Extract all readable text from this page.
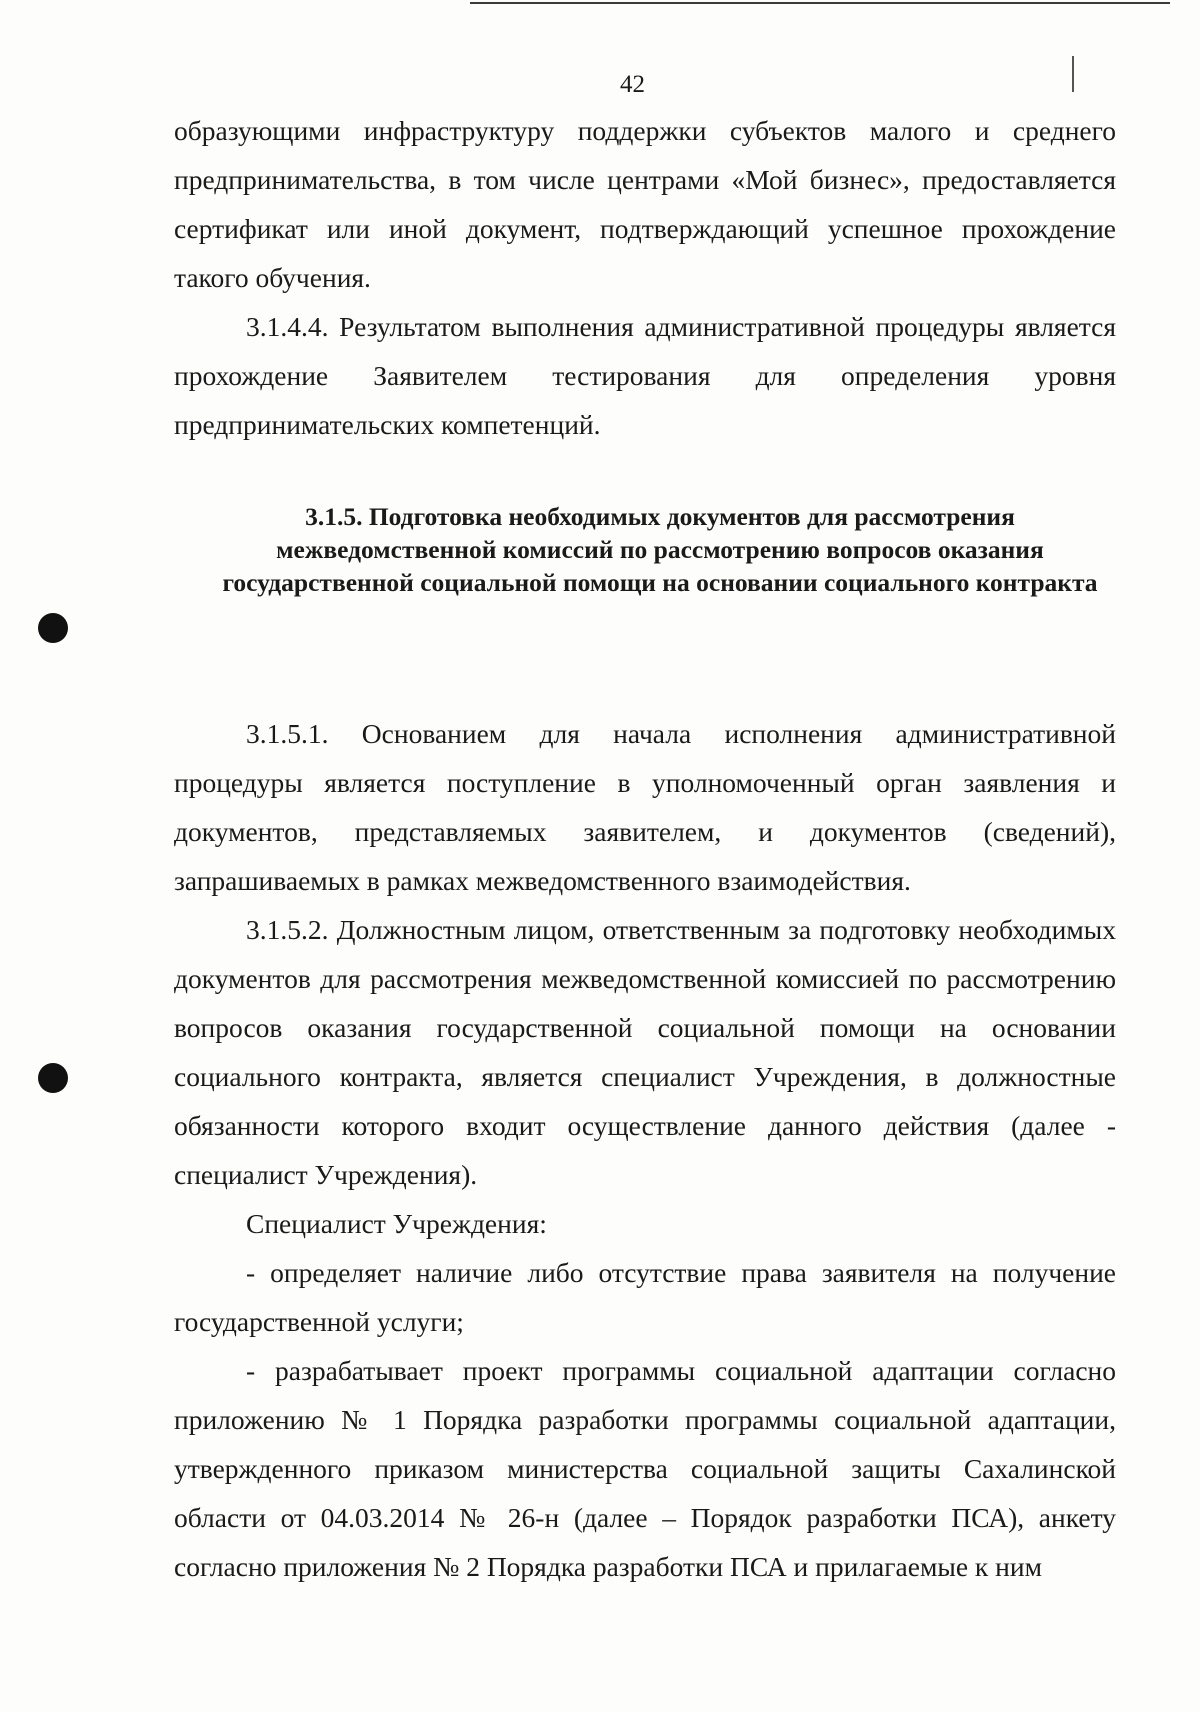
42

образующими инфраструктуру поддержки субъектов малого и среднего предпринимательства, в том числе центрами «Мой бизнес», предоставляется сертификат или иной документ, подтверждающий успешное прохождение такого обучения.

3.1.4.4. Результатом выполнения административной процедуры является прохождение Заявителем тестирования для определения уровня предпринимательских компетенций.

3.1.5. Подготовка необходимых документов для рассмотрения межведомственной комиссий по рассмотрению вопросов оказания государственной социальной помощи на основании социального контракта

3.1.5.1. Основанием для начала исполнения административной процедуры является поступление в уполномоченный орган заявления и документов, представляемых заявителем, и документов (сведений), запрашиваемых в рамках межведомственного взаимодействия.

3.1.5.2. Должностным лицом, ответственным за подготовку необходимых документов для рассмотрения межведомственной комиссией по рассмотрению вопросов оказания государственной социальной помощи на основании социального контракта, является специалист Учреждения, в должностные обязанности которого входит осуществление данного действия (далее - специалист Учреждения).

Специалист Учреждения:

- определяет наличие либо отсутствие права заявителя на получение государственной услуги;

- разрабатывает проект программы социальной адаптации согласно приложению № 1 Порядка разработки программы социальной адаптации, утвержденного приказом министерства социальной защиты Сахалинской области от 04.03.2014 № 26-н (далее – Порядок разработки ПСА), анкету согласно приложения № 2 Порядка разработки ПСА и прилагаемые к ним
